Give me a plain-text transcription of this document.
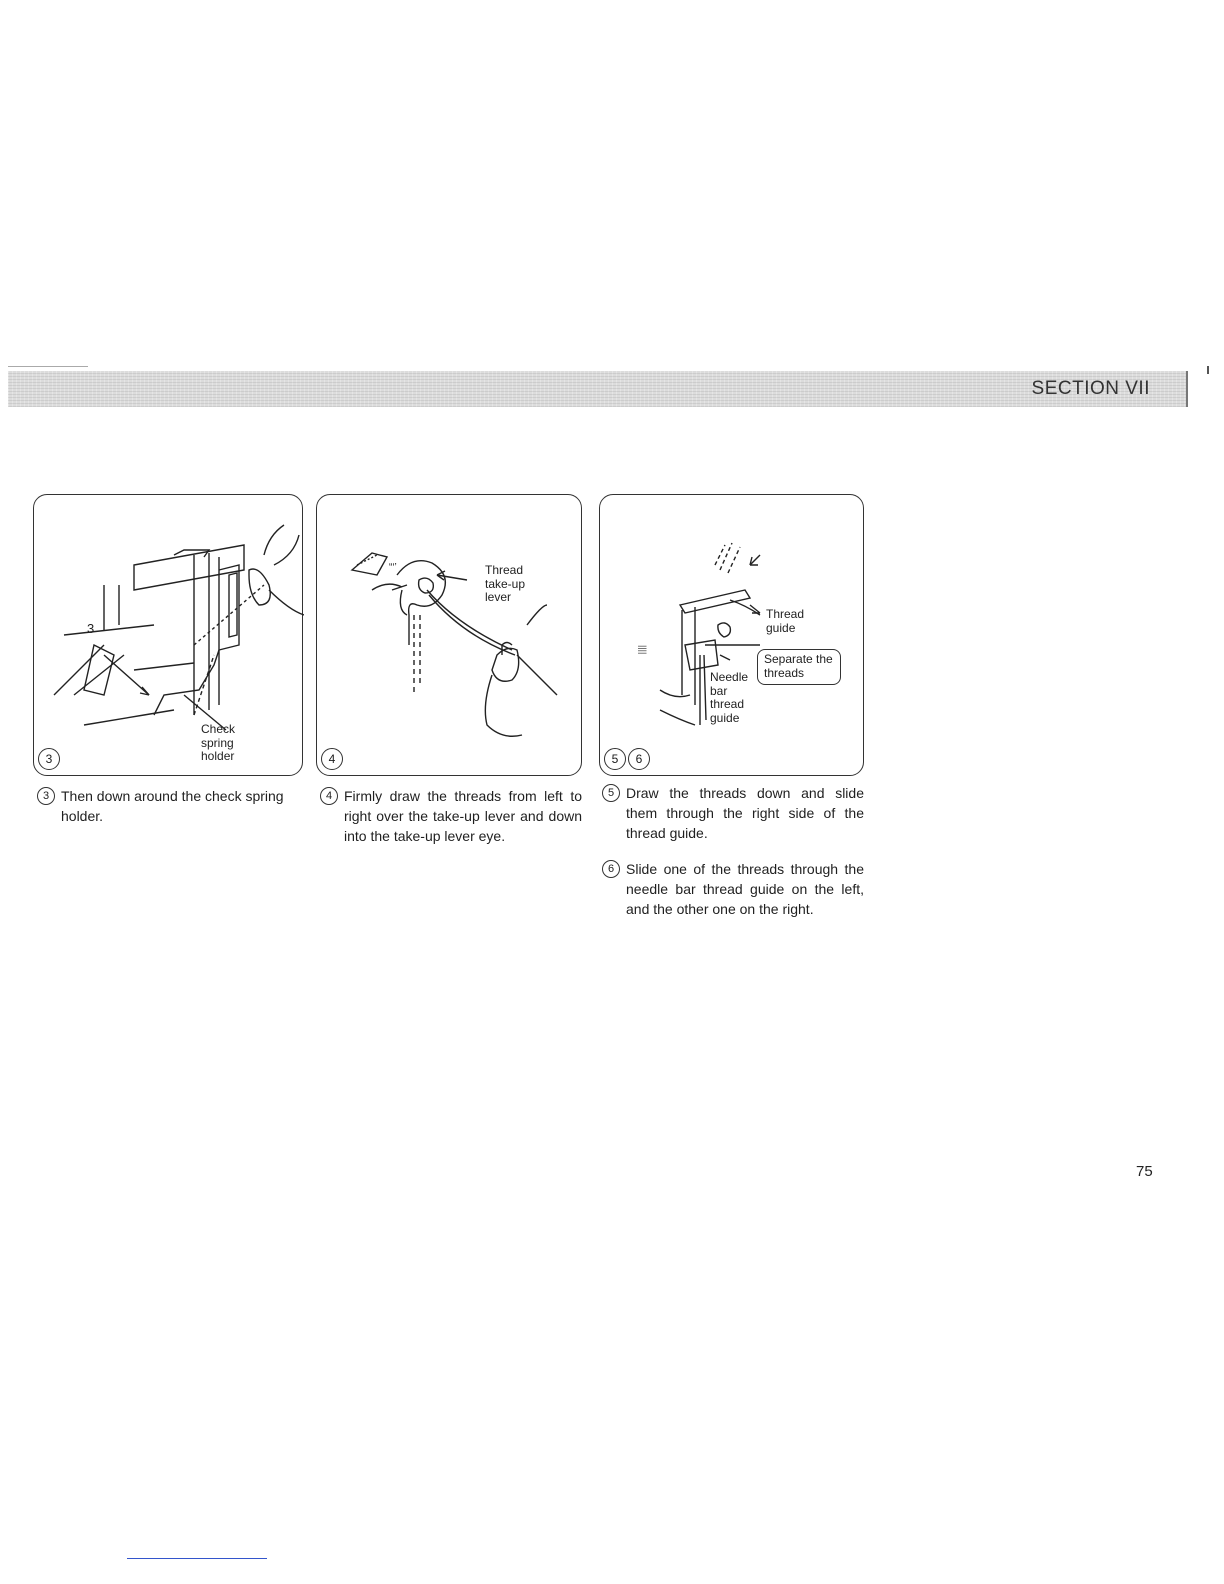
SECTION VII
3
Check spring holder
3
“‘’	Thread take-up lever
4
||||
Thread guide
Needle bar thread guide
Separate the threads
5	6
3 Then down around the check spring holder.
4 Firmly draw the threads from left to right over the take-up lever and down into the take-up lever eye.
5 Draw the threads down and slide them through the right side of the thread guide.
6 Slide one of the threads through the needle bar thread guide on the left, and the other one on the right.
75
